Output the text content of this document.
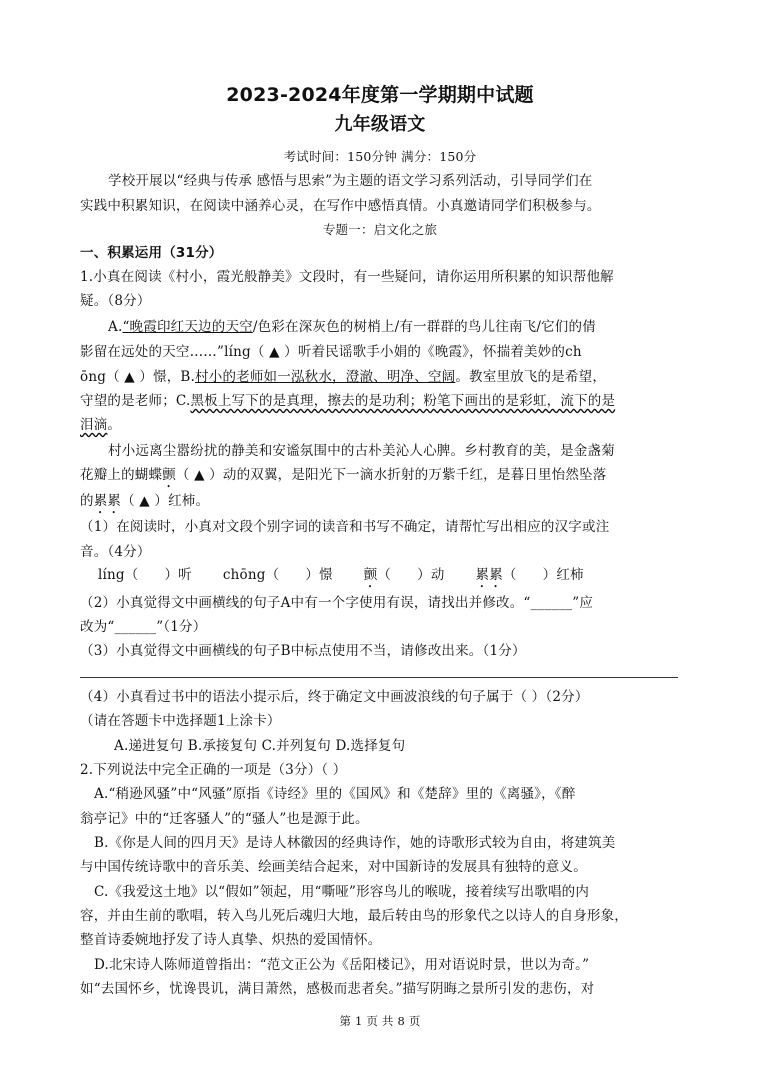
2023-2024年度第一学期期中试题
九年级语文
考试时间：150分钟 满分：150分
学校开展以“经典与传承 感悟与思索”为主题的语文学习系列活动，引导同学们在
实践中积累知识，在阅读中涵养心灵，在写作中感悟真情。小真邀请同学们积极参与。
专题一：启文化之旅
一、积累运用（31分）
1.小真在阅读《村小，霞光般静美》文段时，有一些疑问，请你运用所积累的知识帮他解
疑。（8分）
A.“晚霞印红天边的天空/色彩在深灰色的树梢上/有一群群的鸟儿往南飞/它们的倩
影留在远处的天空……”líng（ ▲ ）听着民谣歌手小娟的《晚霞》，怀揣着美妙的ch
ōng（ ▲ ）憬，B.村小的老师如一泓秋水，澄澈、明净、空阔。教室里放飞的是希望，
守望的是老师；C.黑板上写下的是真理，擦去的是功利；粉笔下画出的是彩虹，流下的是
泪滴。
村小远离尘嚣纷扰的静美和安谧氛围中的古朴美沁人心脾。乡村教育的美，是金盏菊
花瓣上的蝴蝶颤（ ▲ ）动的双翼，是阳光下一滴水折射的万紫千红，是暮日里怡然坠落
的累累（ ▲ ）红柿。
（1）在阅读时，小真对文段个别字词的读音和书写不确定，请帮忙写出相应的汉字或注
音。（4分）
líng（ ）听 chōng（ ）憬 颤（ ）动 累累（ ）红柿
（2）小真觉得文中画横线的句子A中有一个字使用有误，请找出并修改。“______”应
改为“______”（1分）
（3）小真觉得文中画横线的句子B中标点使用不当，请修改出来。（1分）
（4）小真看过书中的语法小提示后，终于确定文中画波浪线的句子属于（ ）（2分）
（请在答题卡中选择题1上涂卡）
A.递进复句 B.承接复句 C.并列复句 D.选择复句
2.下列说法中完全正确的一项是（3分）（ ）
A.“稍逊风骚”中“风骚”原指《诗经》里的《国风》和《楚辞》里的《离骚》，《醉
翁亭记》中的“迁客骚人”的“骚人”也是源于此。
B.《你是人间的四月天》是诗人林徽因的经典诗作，她的诗歌形式较为自由，将建筑美
与中国传统诗歌中的音乐美、绘画美结合起来，对中国新诗的发展具有独特的意义。
C.《我爱这土地》以“假如”领起，用“嘶哑”形容鸟儿的喉咙，接着续写出歌唱的内
容，并由生前的歌唱，转入鸟儿死后魂归大地，最后转由鸟的形象代之以诗人的自身形象，
整首诗委婉地抒发了诗人真挚、炽热的爱国情怀。
D.北宋诗人陈师道曾指出：“范文正公为《岳阳楼记》，用对语说时景，世以为奇。”
如“去国怀乡，忧谗畏讥，满目萧然，感极而悲者矣。”描写阴晦之景所引发的悲伤，对
第 1 页 共 8 页
